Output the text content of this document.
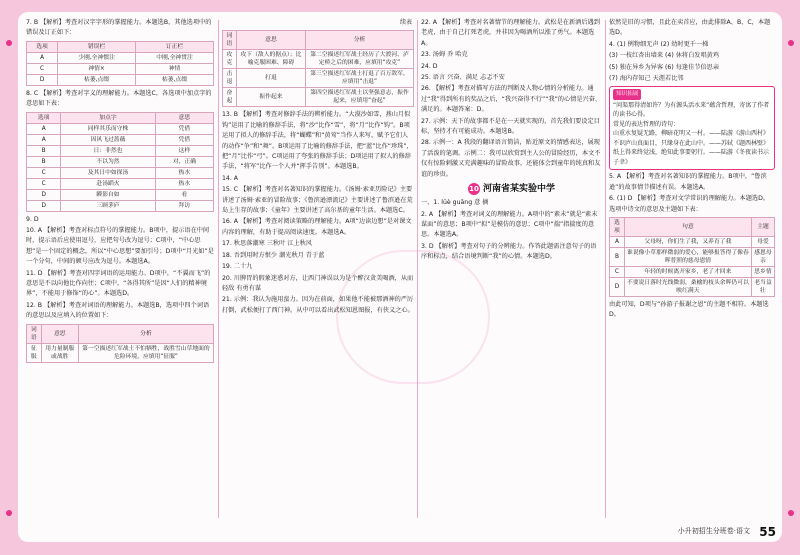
7. B 【解析】考查对汉字字形的掌握能力。本题选B，其他选项中的错误及订正如下：

选项	错误栏	订正栏
A	少刚,全神惯注	中刚,全神贯注
C	神情×	神情
D	枯萎,点缀	枯萎,点缀

8. C 【解析】考查对字义的理解能力。本题选C，各选项中加点字的意思如下表：

选项	加点字	意思
A	同样其乐而守株	凭借
A	因风飞过蔷薇	凭借
B	日：非然也	这样
B	不以为然	对，正确
C	及其日中如探汤	热水
C	赴汤蹈火	热水
D	瞬影自如	看
D	三顾茅庐	拜访

9. D

10. A 【解析】考查对标点符号的掌握能力。B项中，提示语在中间时，提示语后应使用逗号，应把句号改为逗号；C项中，“中心思想”是一个固定的概念，所以“中心思想”要加引号；D项中“月光如”是一个分句，中间的顿号应改为逗号。本题选A。

11. D 【解析】考查对四字词语的运用能力。D项中，“不翼而飞”的意思是不以向他比作向往；C项中，“各得其所”是因“人们的精神境界”，不能用于修饰“的心”。本题选D。

12. B 【解析】考查对词语的理解能力。本题选B，选项中四个词语的意思以及应填入的位置如下：

词语	意思	分析
征服	用力量制服或战胜	第一空描述红军战士不怕牺牲，战胜雪山草地面的危险环境，应填用“征服”
续表
词语	意思	分析
攻克	攻下（敌人的据点）；比喻克服困难、障碍	第二空描述红军战士经历了大渡河、泸定桥之后的困难，应填用“攻克”
击退	打退	第三空描述红军战士打退了百万敌军，应填用“击退”
奋起	振作起来	第四空描述红军战士以坚强意志，振作起来，应填用“奋起”

13. B 【解析】考查对修辞手法的辨析能力。“大漠沙如雪，燕山月似钩”运用了比喻的修辞手法，将“沙”比作“雪”，将“月”比作“钩”。B项运用了拟人的修辞手法，将“蝴蝶”和“黄莺”当作人来写，赋予它们人的动作“争”和“舞”。B项运用了比喻的修辞手法，把“蓝”比作“珍珠”，把“月”比作“弓”。C项运用了夸张的修辞手法；D项运用了拟人的修辞手法，“将军”比作一个人并“挥手告别”。本题选B。

14. A

15. C 【解析】考查对名著知识的掌握能力。《汤姆·索亚历险记》主要讲述了汤姆·索亚的冒险故事；《鲁滨逊漂流记》主要讲述了鲁滨逊在荒岛上生存的故事；《童年》主要讲述了高尔基的童年生活。本题选C。

16. A 【解析】考查对阅读策略的理解能力。A项“边读边想”是对课文内容的理解，有助于提高阅读速度。本题选A。

17. 秋思落潮寒 三秋叶 江上秋风

18. 吾到用时方恨少 潮光秋月 青于蓝

19. 二十九

20. 川脾胃的假象迷惑对方，让西门神误以为是个醉汉贪美喝酒，从而轻敌 有勇有谋

21. 示例：我认为施用蛮力。因为在前面，如果他不能被那酒神的严厉打倒，武松便打了西门神。从中可以看出武松知恩图报，有侠义之心。

22. A 【解析】考查对名著情节的理解能力。武松是在新酒后遇到老虎，由于自己打死老虎，并非因为喝酒所以涨了勇气。本题选A。

23. 汤姆 乔 哈克

24. D

25. 语言 兴奋、满足 忐忑不安

26. 【解析】考查对描写方法的判断及人物心情的分析能力。通过“我”得到所有的奖品之后，“我兴奋得不行”“我”的心情是兴奋、满足的。本题答案：D。

27. 示例：天下的故事都不是在一天就实现的，首先我们要设定目标，坚持才有可能成功。本题选B。

28. 示例一：A 我段的翻译语言简洁，贴近原文的情感表达，展现了活泼的笔调。示例二：我可以欣赏到主人公的冒险经历，本文不仅有惊险刺激又充满趣味的冒险故事，还能体会到童年的纯真和友谊的珍贵。

10 河南省某实验中学

一、1. lüè guāng 意 摘

2. A 【解析】考查对词义的理解能力。A项中的“素未”就是“素未谋面”的意思；B项中“拟”是模仿的意思；C项中“揣”指揣度的意思。本题选A。

3. D 【解析】考查对句子的分辨能力。作答此题需注意句子的语序和标点，结合语境判断“我”的心情。本题选D。

依然是旧的习惯，且此在卖首应，由此排除A、B、C，本题选D。

4. (1) 例物细无声 (2) 幼时更千一梯

(3) 一枝红杏出墙来 (4) 休将白发唱黄鸡

(5) 独在异乡为异客 (6) 每逢佳节倍思亲

(7) 海内存知己 天涯若比邻

知识拓展

“问渠那得清如许？为有源头活水来”蕴含哲理，寄寓了作者的读书心得。

常见的表达哲理的诗句：

山重水复疑无路，柳暗花明又一村。——陆游《游山西村》

不识庐山真面目，只缘身在此山中。——苏轼《题西林壁》

纸上得来终觉浅，绝知此事要躬行。——陆游《冬夜读书示子聿》

5. A 【解析】考查对名著知识的掌握能力。B项中，“鲁滨逊”的故事情节描述有误。本题选A。

6. (1) D 【解析】考查对文学常识的理解能力。本题选D。选项中诗文的意思及主题如下表：

选项	句意	主题
A	父母呀，你们生了我，又养育了我	母爱
B	谁说像小草那样微弱的爱心，能够报答得了像春晖普照的慈母恩情	感恩母亲
C	年轻的时候离开家乡，老了才回来	思乡情
D	不要说日落时光线微弱，桑榆的枝头余晖仍可以映红满天	老当益壮

由此可知，D项与“孙游子报谢之恩”的主题不相符。本题选D。

小升初招生分班卷·语文 55
